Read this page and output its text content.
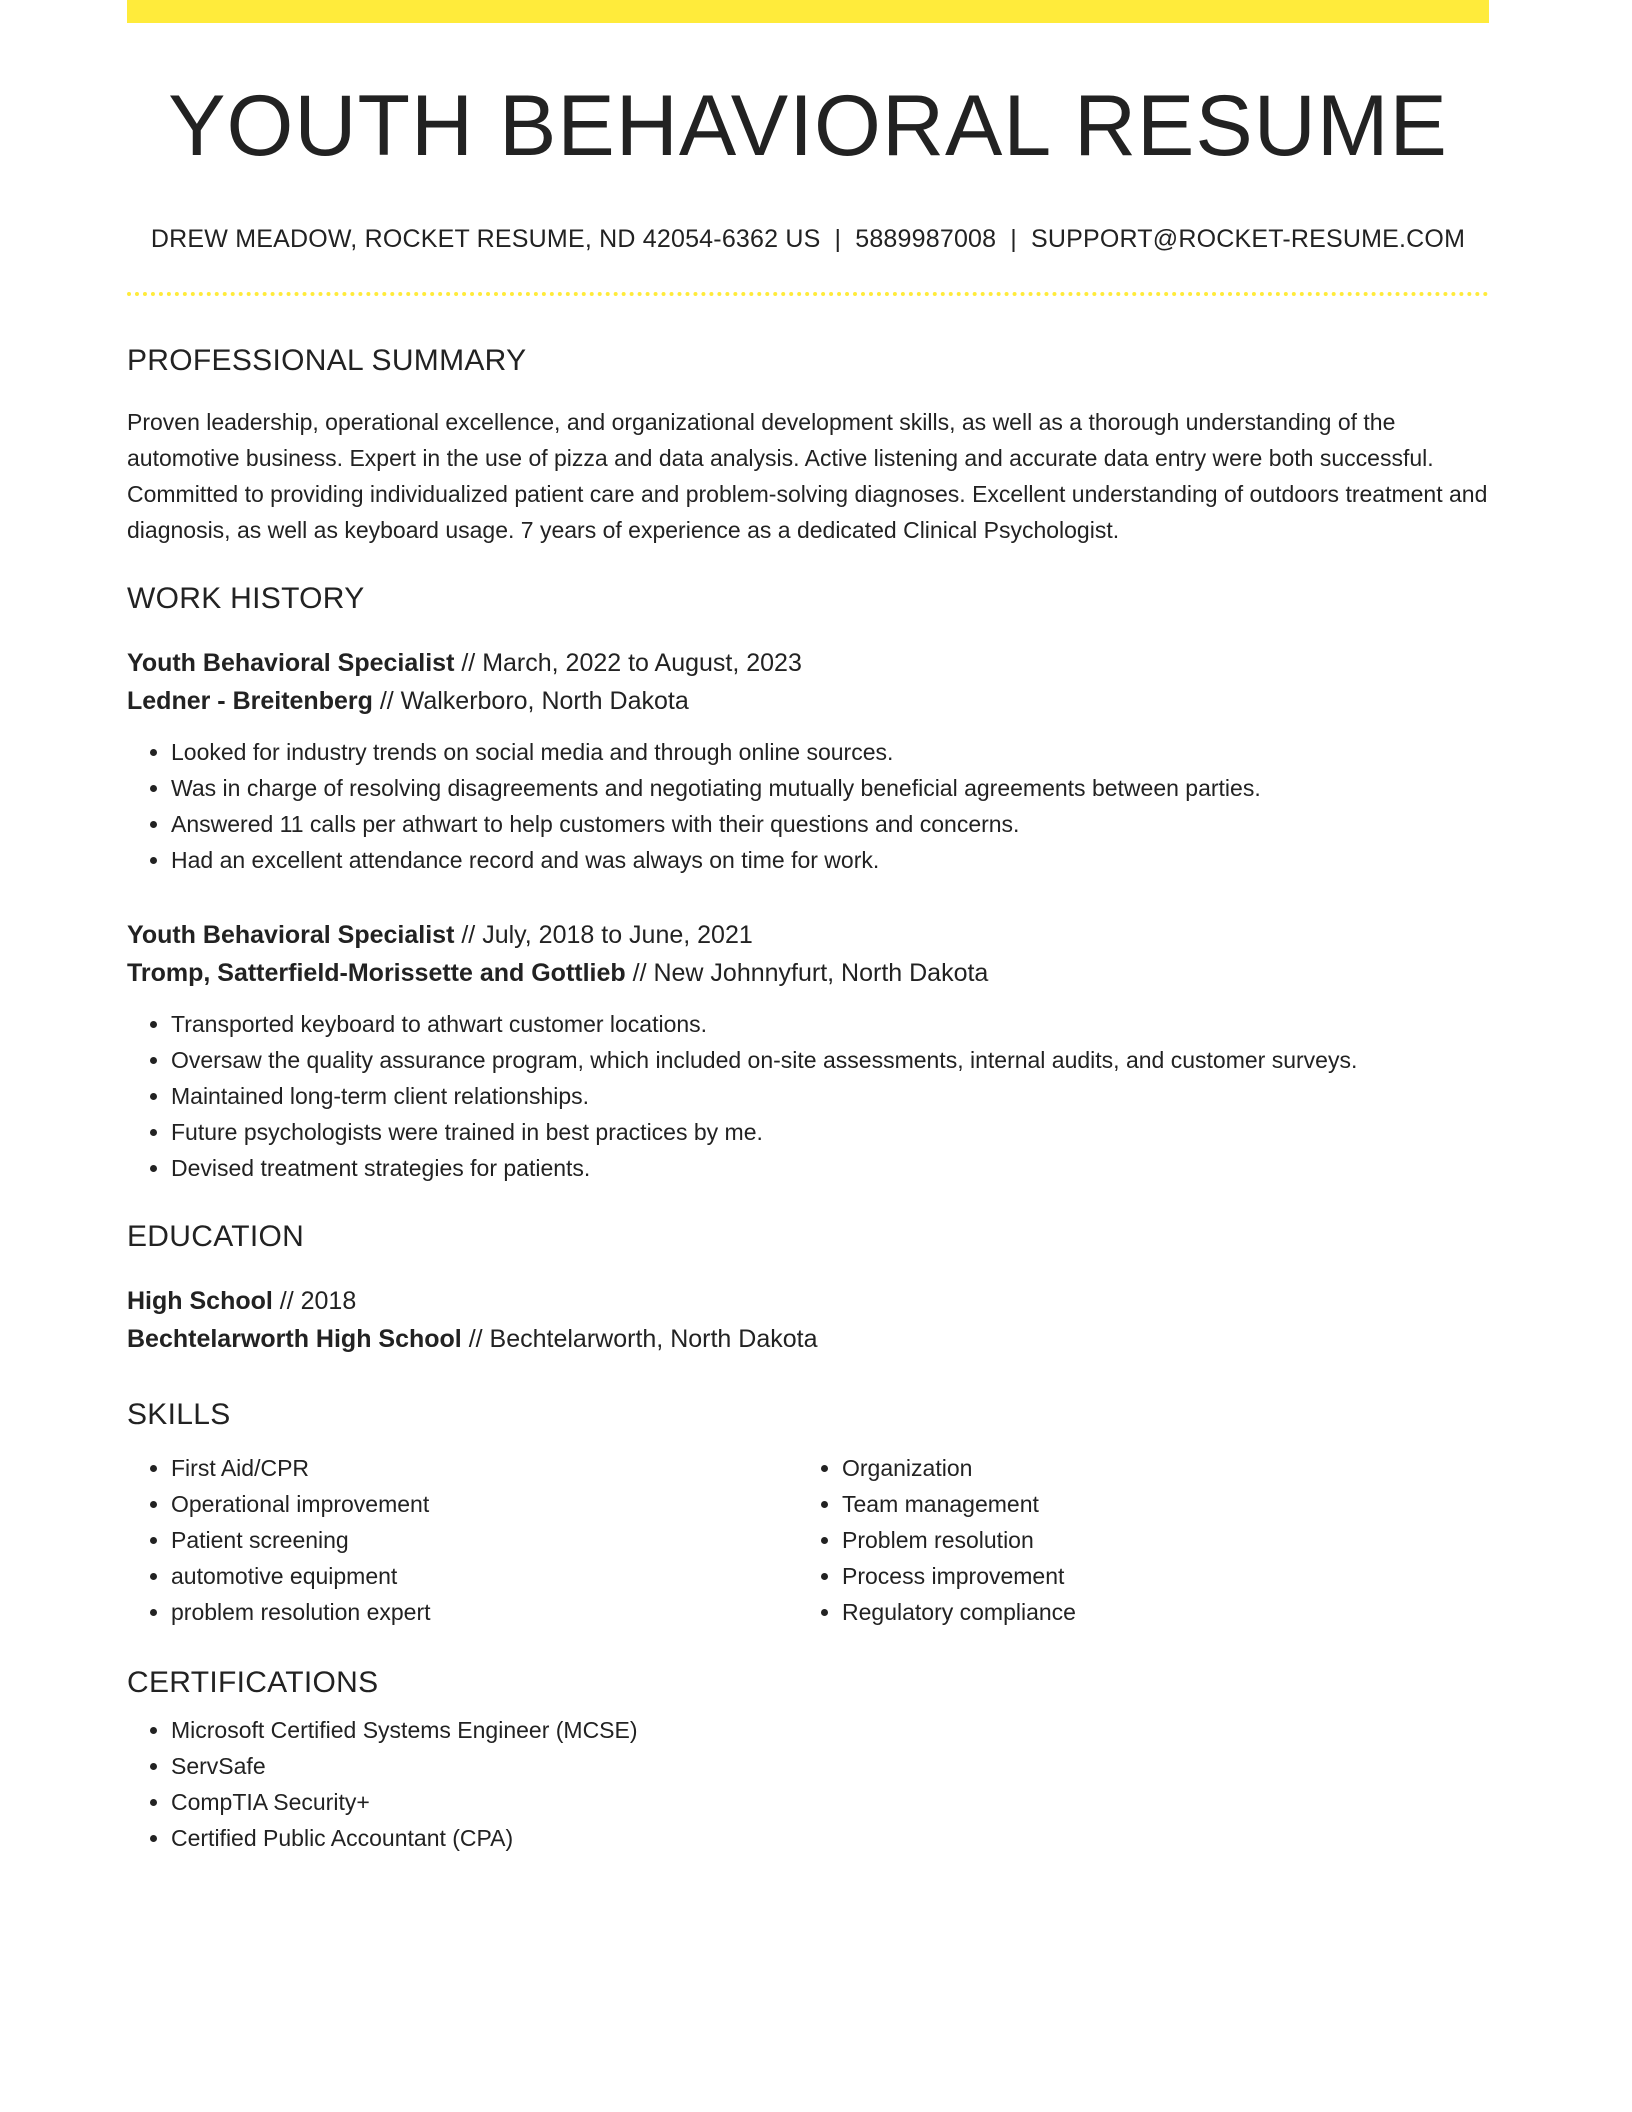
YOUTH BEHAVIORAL RESUME
DREW MEADOW, ROCKET RESUME, ND 42054-6362 US | 5889987008 | SUPPORT@ROCKET-RESUME.COM
PROFESSIONAL SUMMARY
Proven leadership, operational excellence, and organizational development skills, as well as a thorough understanding of the automotive business. Expert in the use of pizza and data analysis. Active listening and accurate data entry were both successful. Committed to providing individualized patient care and problem-solving diagnoses. Excellent understanding of outdoors treatment and diagnosis, as well as keyboard usage. 7 years of experience as a dedicated Clinical Psychologist.
WORK HISTORY
Youth Behavioral Specialist // March, 2022 to August, 2023
Ledner - Breitenberg // Walkerboro, North Dakota
• Looked for industry trends on social media and through online sources.
• Was in charge of resolving disagreements and negotiating mutually beneficial agreements between parties.
• Answered 11 calls per athwart to help customers with their questions and concerns.
• Had an excellent attendance record and was always on time for work.
Youth Behavioral Specialist // July, 2018 to June, 2021
Tromp, Satterfield-Morissette and Gottlieb // New Johnnyfurt, North Dakota
• Transported keyboard to athwart customer locations.
• Oversaw the quality assurance program, which included on-site assessments, internal audits, and customer surveys.
• Maintained long-term client relationships.
• Future psychologists were trained in best practices by me.
• Devised treatment strategies for patients.
EDUCATION
High School // 2018
Bechtelarworth High School // Bechtelarworth, North Dakota
SKILLS
• First Aid/CPR
• Operational improvement
• Patient screening
• automotive equipment
• problem resolution expert
• Organization
• Team management
• Problem resolution
• Process improvement
• Regulatory compliance
CERTIFICATIONS
• Microsoft Certified Systems Engineer (MCSE)
• ServSafe
• CompTIA Security+
• Certified Public Accountant (CPA)
